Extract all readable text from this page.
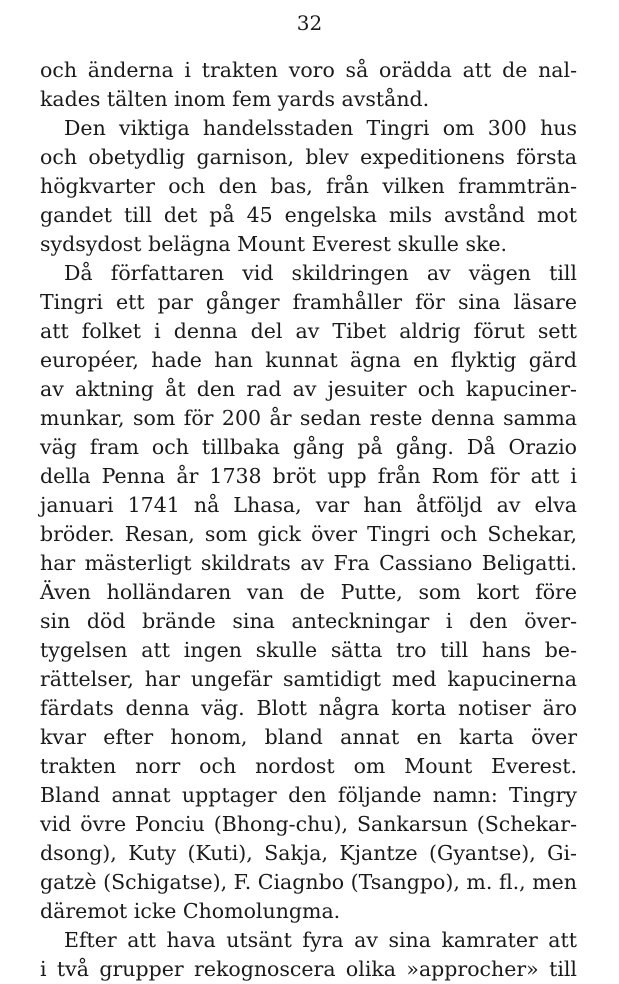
32
och änderna i trakten voro så orädda att de nal-
kades tälten inom fem yards avstånd.
Den viktiga handelsstaden Tingri om 300 hus
och obetydlig garnison, blev expeditionens första
högkvarter och den bas, från vilken frammträn-
gandet till det på 45 engelska mils avstånd mot
sydsydost belägna Mount Everest skulle ske.
Då författaren vid skildringen av vägen till
Tingri ett par gånger framhåller för sina läsare
att folket i denna del av Tibet aldrig förut sett
européer, hade han kunnat ägna en flyktig gärd
av aktning åt den rad av jesuiter och kapuciner-
munkar, som för 200 år sedan reste denna samma
väg fram och tillbaka gång på gång. Då Orazio
della Penna år 1738 bröt upp från Rom för att i
januari 1741 nå Lhasa, var han åtföljd av elva
bröder. Resan, som gick över Tingri och Schekar,
har mästerligt skildrats av Fra Cassiano Beligatti.
Även holländaren van de Putte, som kort före
sin död brände sina anteckningar i den över-
tygelsen att ingen skulle sätta tro till hans be-
rättelser, har ungefär samtidigt med kapucinerna
färdats denna väg. Blott några korta notiser äro
kvar efter honom, bland annat en karta över
trakten norr och nordost om Mount Everest.
Bland annat upptager den följande namn: Tingry
vid övre Ponciu (Bhong-chu), Sankarsun (Schekar-
dsong), Kuty (Kuti), Sakja, Kjantze (Gyantse), Gi-
gatzè (Schigatse), F. Ciagnbo (Tsangpo), m. fl., men
däremot icke Chomolungma.
Efter att hava utsänt fyra av sina kamrater att
i två grupper rekognoscera olika »approcher» till
